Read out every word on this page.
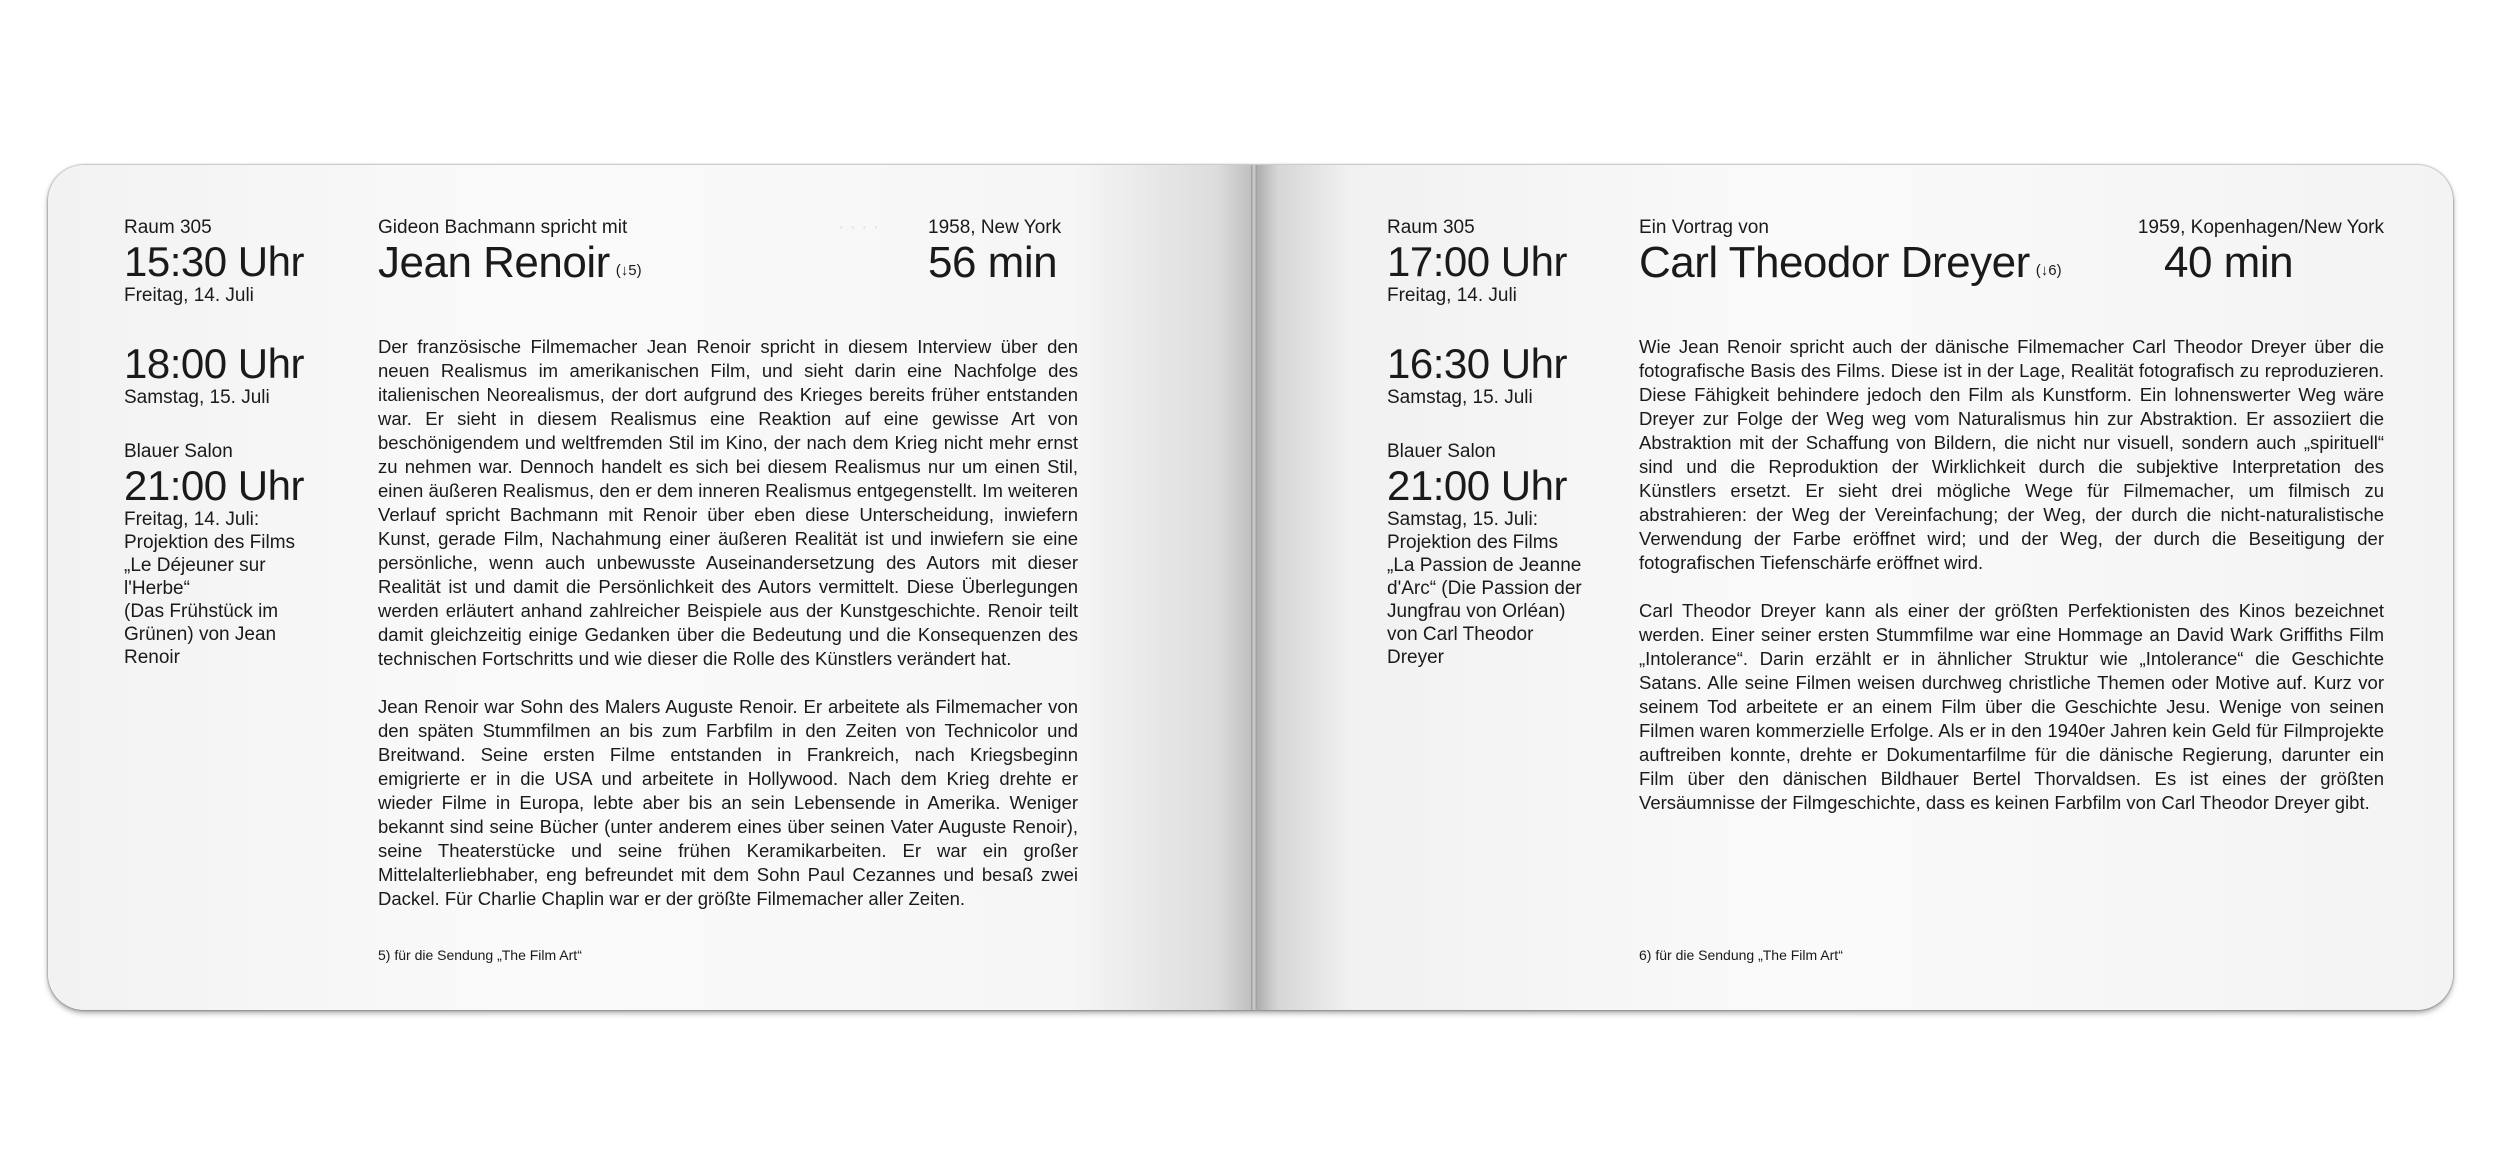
· · · ·
Raum 305
15:30 Uhr
Freitag, 14. Juli
18:00 Uhr
Samstag, 15. Juli
Blauer Salon
21:00 Uhr
Freitag, 14. Juli:
Projektion des Films
„Le Déjeuner sur l'Herbe“
(Das Frühstück im
Grünen) von Jean Renoir
Gideon Bachmann spricht mit	1958, New York
Jean Renoir $^{(↓5)}$	56 min

Der französische Filmemacher Jean Renoir spricht in diesem Interview über den neuen Realismus im amerikanischen Film, und sieht darin eine Nachfolge des italienischen Neorealismus, der dort aufgrund des Krieges bereits früher entstanden war. Er sieht in diesem Realismus eine Reaktion auf eine gewisse Art von beschönigendem und weltfremden Stil im Kino, der nach dem Krieg nicht mehr ernst zu nehmen war. Dennoch handelt es sich bei diesem Realismus nur um einen Stil, einen äußeren Realismus, den er dem inneren Realismus entgegenstellt. Im weiteren Verlauf spricht Bachmann mit Renoir über eben diese Unterscheidung, inwiefern Kunst, gerade Film, Nachahmung einer äußeren Realität ist und inwiefern sie eine persönliche, wenn auch unbewusste Auseinandersetzung des Autors mit dieser Realität ist und damit die Persönlichkeit des Autors vermittelt. Diese Überlegungen werden erläutert anhand zahlreicher Beispiele aus der Kunstgeschichte. Renoir teilt damit gleichzeitig einige Gedanken über die Bedeutung und die Konsequenzen des technischen Fortschritts und wie dieser die Rolle des Künstlers verändert hat.

Jean Renoir war Sohn des Malers Auguste Renoir. Er arbeitete als Filmemacher von den späten Stummfilmen an bis zum Farbfilm in den Zeiten von Technicolor und Breitwand. Seine ersten Filme entstanden in Frankreich, nach Kriegsbeginn emigrierte er in die USA und arbeitete in Hollywood. Nach dem Krieg drehte er wieder Filme in Europa, lebte aber bis an sein Lebensende in Amerika. Weniger bekannt sind seine Bücher (unter anderem eines über seinen Vater Auguste Renoir), seine Theaterstücke und seine frühen Keramikarbeiten. Er war ein großer Mittelalterliebhaber, eng befreundet mit dem Sohn Paul Cezannes und besaß zwei Dackel. Für Charlie Chaplin war er der größte Filmemacher aller Zeiten.

5) für die Sendung „The Film Art“
Raum 305
17:00 Uhr
Freitag, 14. Juli
16:30 Uhr
Samstag, 15. Juli
Blauer Salon
21:00 Uhr
Samstag, 15. Juli:
Projektion des Films
„La Passion de Jeanne
d'Arc“ (Die Passion der
Jungfrau von Orléan)
von Carl Theodor Dreyer
Ein Vortrag von	1959, Kopenhagen/New York
Carl Theodor Dreyer $^{(↓6)}$	40 min

Wie Jean Renoir spricht auch der dänische Filmemacher Carl Theodor Dreyer über die fotografische Basis des Films. Diese ist in der Lage, Realität fotografisch zu reproduzieren. Diese Fähigkeit behindere jedoch den Film als Kunstform. Ein lohnenswerter Weg wäre Dreyer zur Folge der Weg weg vom Naturalismus hin zur Abstraktion. Er assoziiert die Abstraktion mit der Schaffung von Bildern, die nicht nur visuell, sondern auch „spirituell“ sind und die Reproduktion der Wirklichkeit durch die subjektive Interpretation des Künstlers ersetzt. Er sieht drei mögliche Wege für Filmemacher, um filmisch zu abstrahieren: der Weg der Vereinfachung; der Weg, der durch die nicht-naturalistische Verwendung der Farbe eröffnet wird; und der Weg, der durch die Beseitigung der fotografischen Tiefenschärfe eröffnet wird.

Carl Theodor Dreyer kann als einer der größten Perfektionisten des Kinos bezeichnet werden. Einer seiner ersten Stummfilme war eine Hommage an David Wark Griffiths Film „Intolerance“. Darin erzählt er in ähnlicher Struktur wie „Intolerance“ die Geschichte Satans. Alle seine Filmen weisen durchweg christliche Themen oder Motive auf. Kurz vor seinem Tod arbeitete er an einem Film über die Geschichte Jesu. Wenige von seinen Filmen waren kommerzielle Erfolge. Als er in den 1940er Jahren kein Geld für Filmprojekte auftreiben konnte, drehte er Dokumentarfilme für die dänische Regierung, darunter ein Film über den dänischen Bildhauer Bertel Thorvaldsen. Es ist eines der größten Versäumnisse der Filmgeschichte, dass es keinen Farbfilm von Carl Theodor Dreyer gibt.

6) für die Sendung „The Film Art“
